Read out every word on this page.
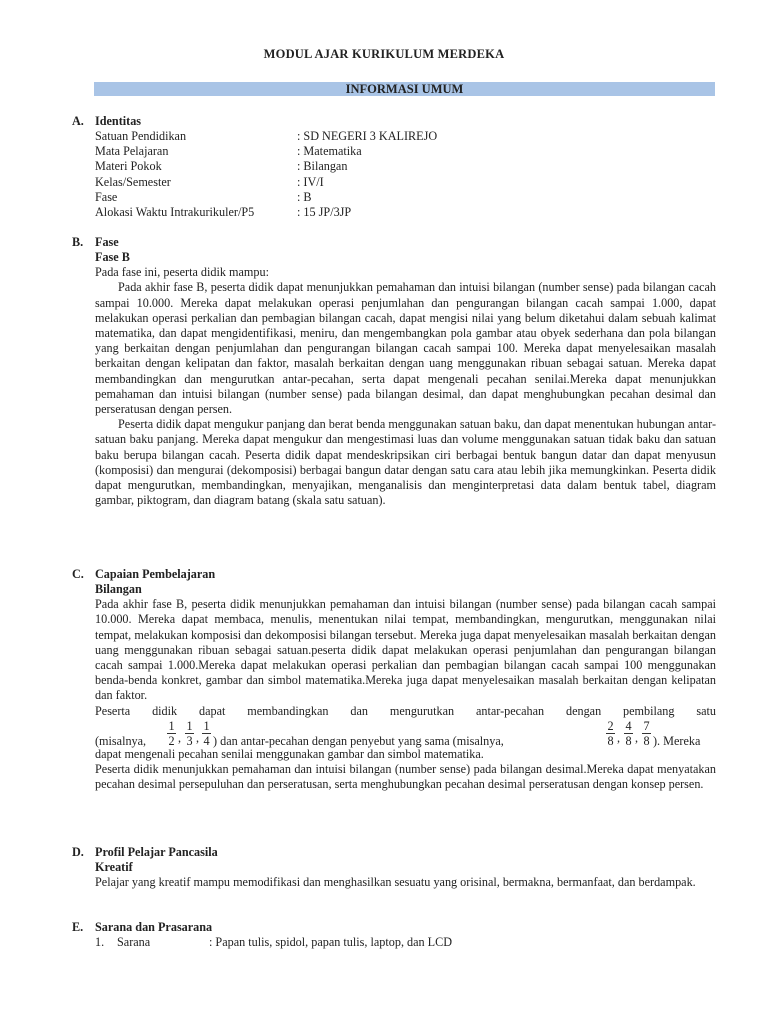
MODUL AJAR KURIKULUM MERDEKA
INFORMASI UMUM
A. Identitas
Satuan Pendidikan	: SD NEGERI 3 KALIREJO
Mata Pelajaran	: Matematika
Materi Pokok	: Bilangan
Kelas/Semester	: IV/I
Fase	: B
Alokasi Waktu Intrakurikuler/P5	: 15 JP/3JP
B. Fase
Fase B

Pada fase ini, peserta didik mampu:

Pada akhir fase B, peserta didik dapat menunjukkan pemahaman dan intuisi bilangan (number sense) pada bilangan cacah sampai 10.000. Mereka dapat melakukan operasi penjumlahan dan pengurangan bilangan cacah sampai 1.000, dapat melakukan operasi perkalian dan pembagian bilangan cacah, dapat mengisi nilai yang belum diketahui dalam sebuah kalimat matematika, dan dapat mengidentifikasi, meniru, dan mengembangkan pola gambar atau obyek sederhana dan pola bilangan yang berkaitan dengan penjumlahan dan pengurangan bilangan cacah sampai 100. Mereka dapat menyelesaikan masalah berkaitan dengan kelipatan dan faktor, masalah berkaitan dengan uang menggunakan ribuan sebagai satuan. Mereka dapat membandingkan dan mengurutkan antar-pecahan, serta dapat mengenali pecahan senilai.Mereka dapat menunjukkan pemahaman dan intuisi bilangan (number sense) pada bilangan desimal, dan dapat menghubungkan pecahan desimal dan perseratusan dengan persen.

Peserta didik dapat mengukur panjang dan berat benda menggunakan satuan baku, dan dapat menentukan hubungan antar-satuan baku panjang. Mereka dapat mengukur dan mengestimasi luas dan volume menggunakan satuan tidak baku dan satuan baku berupa bilangan cacah. Peserta didik dapat mendeskripsikan ciri berbagai bentuk bangun datar dan dapat menyusun (komposisi) dan mengurai (dekomposisi) berbagai bangun datar dengan satu cara atau lebih jika memungkinkan. Peserta didik dapat mengurutkan, membandingkan, menyajikan, menganalisis dan menginterpretasi data dalam bentuk tabel, diagram gambar, piktogram, dan diagram batang (skala satu satuan).

C. Capaian Pembelajaran
Bilangan

Pada akhir fase B, peserta didik menunjukkan pemahaman dan intuisi bilangan (number sense) pada bilangan cacah sampai 10.000. Mereka dapat membaca, menulis, menentukan nilai tempat, membandingkan, mengurutkan, menggunakan nilai tempat, melakukan komposisi dan dekomposisi bilangan tersebut. Mereka juga dapat menyelesaikan masalah berkaitan dengan uang menggunakan ribuan sebagai satuan.peserta didik dapat melakukan operasi penjumlahan dan pengurangan bilangan cacah sampai 1.000.Mereka dapat melakukan operasi perkalian dan pembagian bilangan cacah sampai 100 menggunakan benda-benda konkret, gambar dan simbol matematika.Mereka juga dapat menyelesaikan masalah berkaitan dengan kelipatan dan faktor.

Peserta didik dapat membandingkan dan mengurutkan antar-pecahan dengan pembilang satu

(misalnya, $\frac{1}{2}$ , $\frac{1}{3}$ , $\frac{1}{4}$ ) dan antar-pecahan dengan penyebut yang sama (misalnya,	$\frac{2}{8}$ , $\frac{4}{8}$ , $\frac{7}{8}$ ). Mereka

dapat mengenali pecahan senilai menggunakan gambar dan simbol matematika.

Peserta didik menunjukkan pemahaman dan intuisi bilangan (number sense) pada bilangan desimal.Mereka dapat menyatakan pecahan desimal persepuluhan dan perseratusan, serta menghubungkan pecahan desimal perseratusan dengan konsep persen.

D. Profil Pelajar Pancasila
Kreatif

Pelajar yang kreatif mampu memodifikasi dan menghasilkan sesuatu yang orisinal, bermakna, bermanfaat, dan berdampak.

E. Sarana dan Prasarana
1.	Sarana	: Papan tulis, spidol, papan tulis, laptop, dan LCD
